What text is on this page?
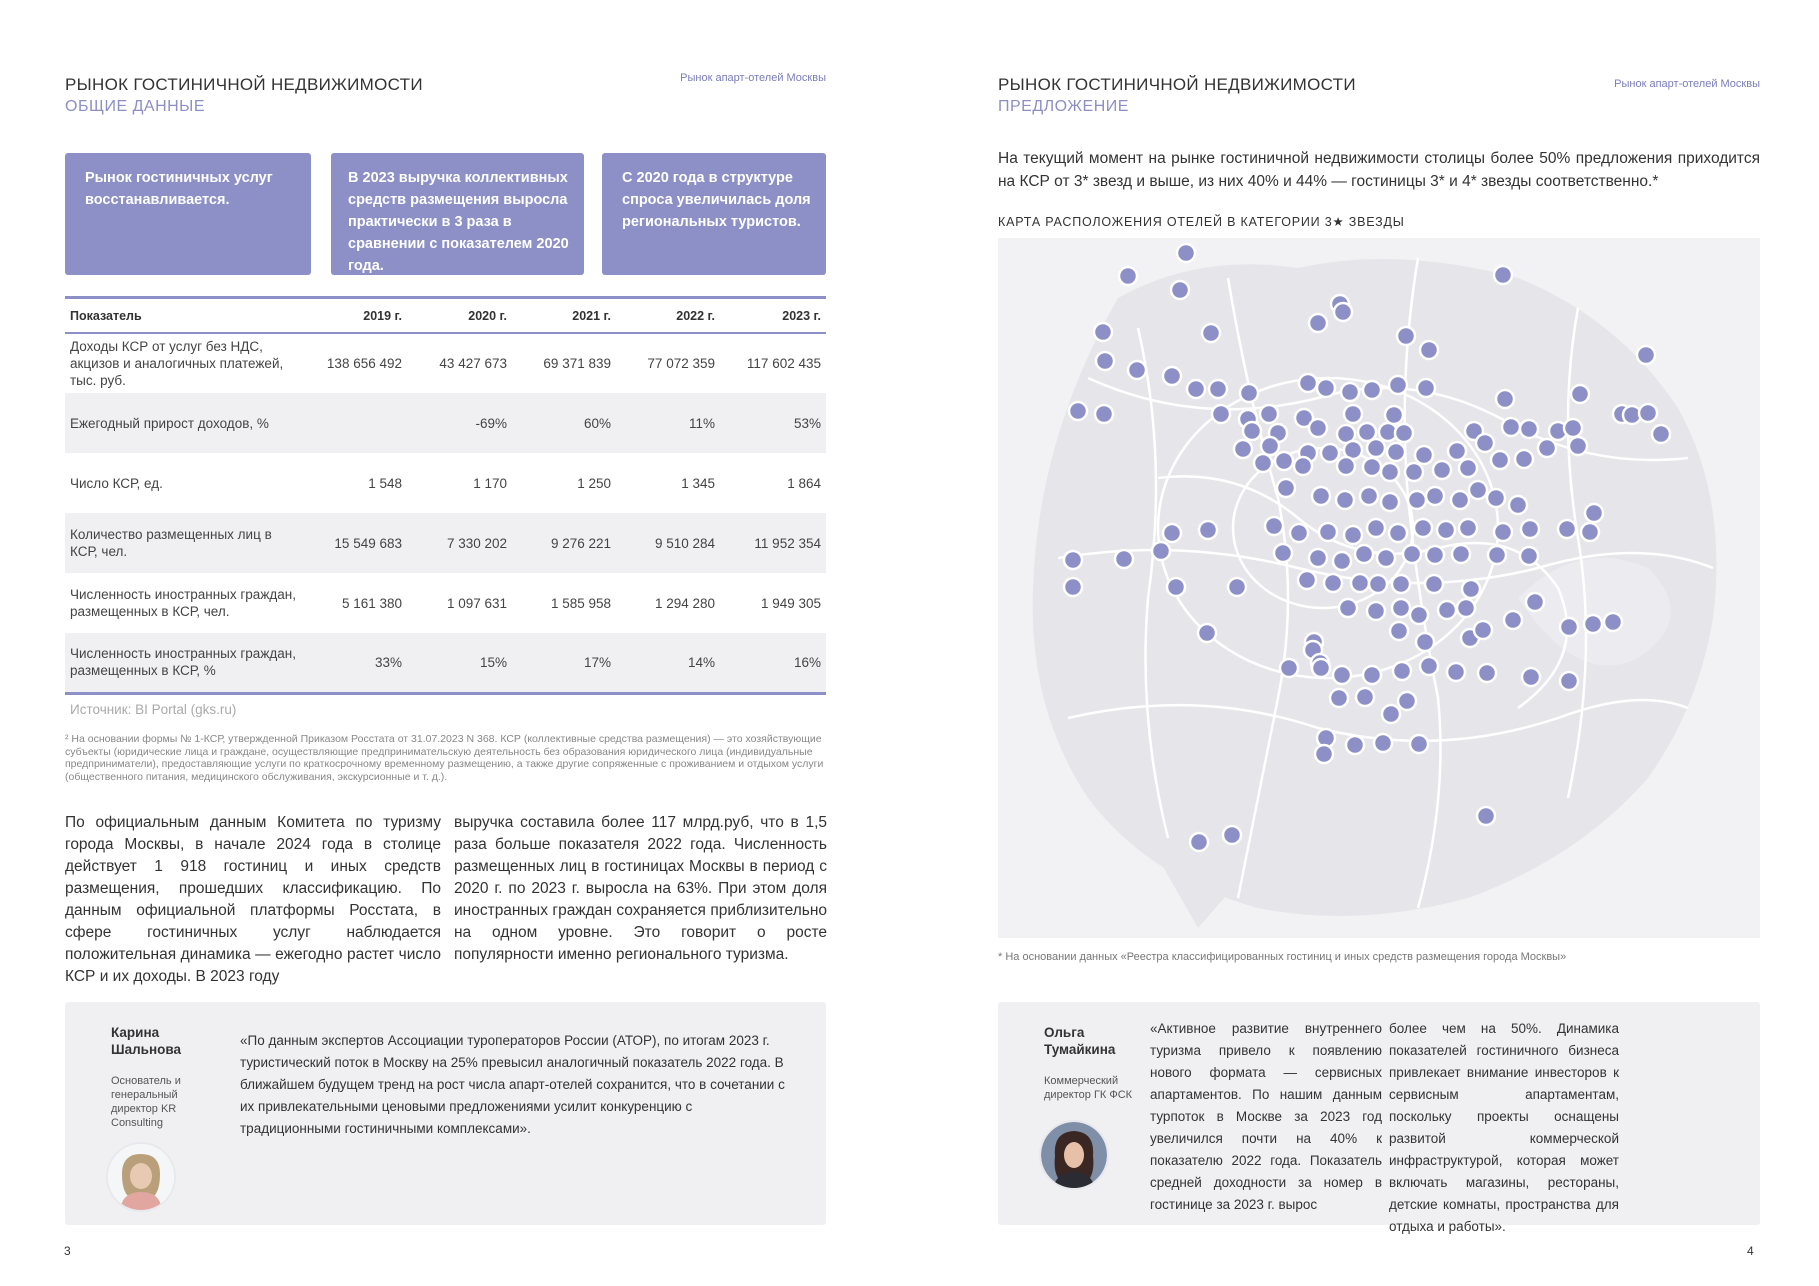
РЫНОК ГОСТИНИЧНОЙ НЕДВИЖИМОСТИ
ОБЩИЕ ДАННЫЕ
Рынок апарт-отелей Москвы
Рынок гостиничных услуг восстанавливается.
В 2023 выручка коллективных средств размещения выросла практически в 3 раза в сравнении с показателем 2020 года.
С 2020 года в структуре спроса увеличилась доля региональных туристов.
Показатель	2019 г.	2020 г.	2021 г.	2022 г.	2023 г.
Доходы КСР от услуг без НДС, акцизов и аналогичных платежей, тыс. руб.	138 656 492	43 427 673	69 371 839	77 072 359	117 602 435
Ежегодный прирост доходов, %		-69%	60%	11%	53%
Число КСР, ед.	1 548	1 170	1 250	1 345	1 864
Количество размещенных лиц в КСР, чел.	15 549 683	7 330 202	9 276 221	9 510 284	11 952 354
Численность иностранных граждан, размещенных в КСР, чел.	5 161 380	1 097 631	1 585 958	1 294 280	1 949 305
Численность иностранных граждан, размещенных в КСР, %	33%	15%	17%	14%	16%
Источник: BI Portal (gks.ru)
² На основании формы № 1-КСР, утвержденной Приказом Росстата от 31.07.2023 N 368. КСР (коллективные средства размещения) — это хозяйствующие субъекты (юридические лица и граждане, осуществляющие предпринимательскую деятельность без образования юридического лица (индивидуальные предприниматели), предоставляющие услуги по краткосрочному временному размещению, а также другие сопряженные с проживанием и отдыхом услуги (общественного питания, медицинского обслуживания, экскурсионные и т. д.).
По официальным данным Комитета по туризму города Москвы, в начале 2024 года в столице действует 1 918 гостиниц и иных средств размещения, прошедших классификацию. По данным официальной платформы Росстата, в сфере гостиничных услуг наблюдается положительная динамика — ежегодно растет число КСР и их доходы. В 2023 году
выручка составила более 117 млрд.руб, что в 1,5 раза больше показателя 2022 года. Численность размещенных лиц в гостиницах Москвы в период с 2020 г. по 2023 г. выросла на 63%. При этом доля иностранных граждан сохраняется приблизительно на одном уровне. Это говорит о росте популярности именно регионального туризма.
Карина Шальнова
Основатель и генеральный директор KR Consulting
«По данным экспертов Ассоциации туроператоров России (АТОР), по итогам 2023 г. туристический поток в Москву на 25% превысил аналогичный показатель 2022 года. В ближайшем будущем тренд на рост числа апарт-отелей сохранится, что в сочетании с их привлекательными ценовыми предложениями усилит конкуренцию с традиционными гостиничными комплексами».
3
РЫНОК ГОСТИНИЧНОЙ НЕДВИЖИМОСТИ
ПРЕДЛОЖЕНИЕ
Рынок апарт-отелей Москвы
На текущий момент на рынке гостиничной недвижимости столицы более 50% предложения приходится на КСР от 3* звезд и выше, из них 40% и 44% — гостиницы 3* и 4* звезды соответственно.*
КАРТА РАСПОЛОЖЕНИЯ ОТЕЛЕЙ В КАТЕГОРИИ 3★ ЗВЕЗДЫ
* На основании данных «Реестра классифицированных гостиниц и иных средств размещения города Москвы»
Ольга Тумайкина
Коммерческий директор ГК ФСК
«Активное развитие внутреннего туризма привело к появлению нового формата — сервисных апартаментов. По нашим данным турпоток в Москве за 2023 год увеличился почти на 40% к показателю 2022 года. Показатель средней доходности за номер в гостинице за 2023 г. вырос
более чем на 50%. Динамика показателей гостиничного бизнеса привлекает внимание инвесторов к сервисным апартаментам, поскольку проекты оснащены развитой коммерческой инфраструктурой, которая может включать магазины, рестораны, детские комнаты, пространства для отдыха и работы».
4
